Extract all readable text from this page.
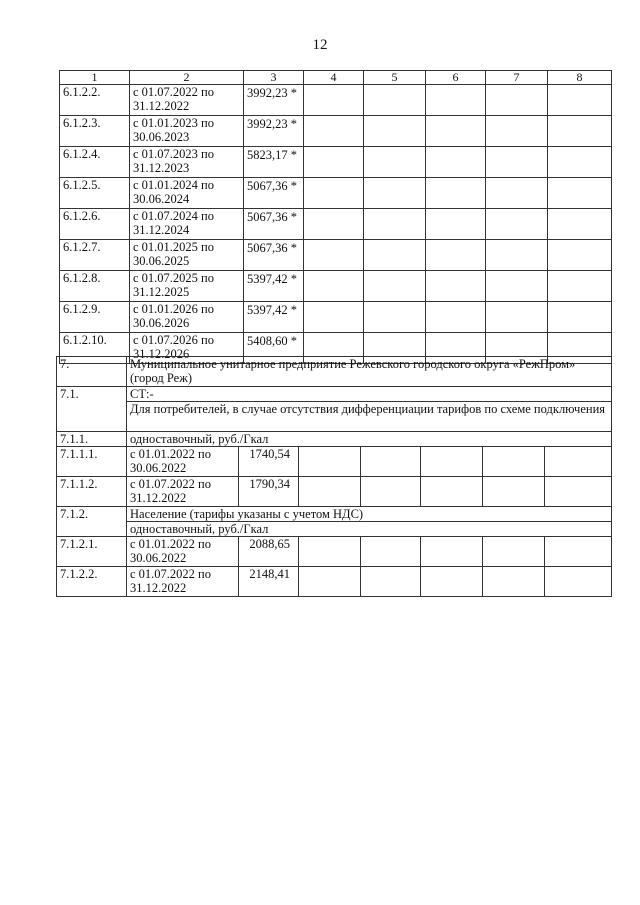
12
1	2	3	4	5	6	7	8
6.1.2.2.	с 01.07.2022 по 31.12.2022	3992,23 *					
6.1.2.3.	с 01.01.2023 по 30.06.2023	3992,23 *					
6.1.2.4.	с 01.07.2023 по 31.12.2023	5823,17 *					
6.1.2.5.	с 01.01.2024 по 30.06.2024	5067,36 *					
6.1.2.6.	с 01.07.2024 по 31.12.2024	5067,36 *					
6.1.2.7.	с 01.01.2025 по 30.06.2025	5067,36 *					
6.1.2.8.	с 01.07.2025 по 31.12.2025	5397,42 *					
6.1.2.9.	с 01.01.2026 по 30.06.2026	5397,42 *					
6.1.2.10.	с 01.07.2026 по 31.12.2026	5408,60 *					
7.	Муниципальное унитарное предприятие Режевского городского округа «РежПром» (город Реж)						
7.1.	СТ:-						
	Для потребителей, в случае отсутствия дифференциации тарифов по схеме подключения						
7.1.1.	одноставочный, руб./Гкал						
7.1.1.1.	с 01.01.2022 по 30.06.2022	1740,54					
7.1.1.2.	с 01.07.2022 по 31.12.2022	1790,34					
7.1.2.	Население (тарифы указаны с учетом НДС)						
	одноставочный, руб./Гкал						
7.1.2.1.	с 01.01.2022 по 30.06.2022	2088,65					
7.1.2.2.	с 01.07.2022 по 31.12.2022	2148,41					
